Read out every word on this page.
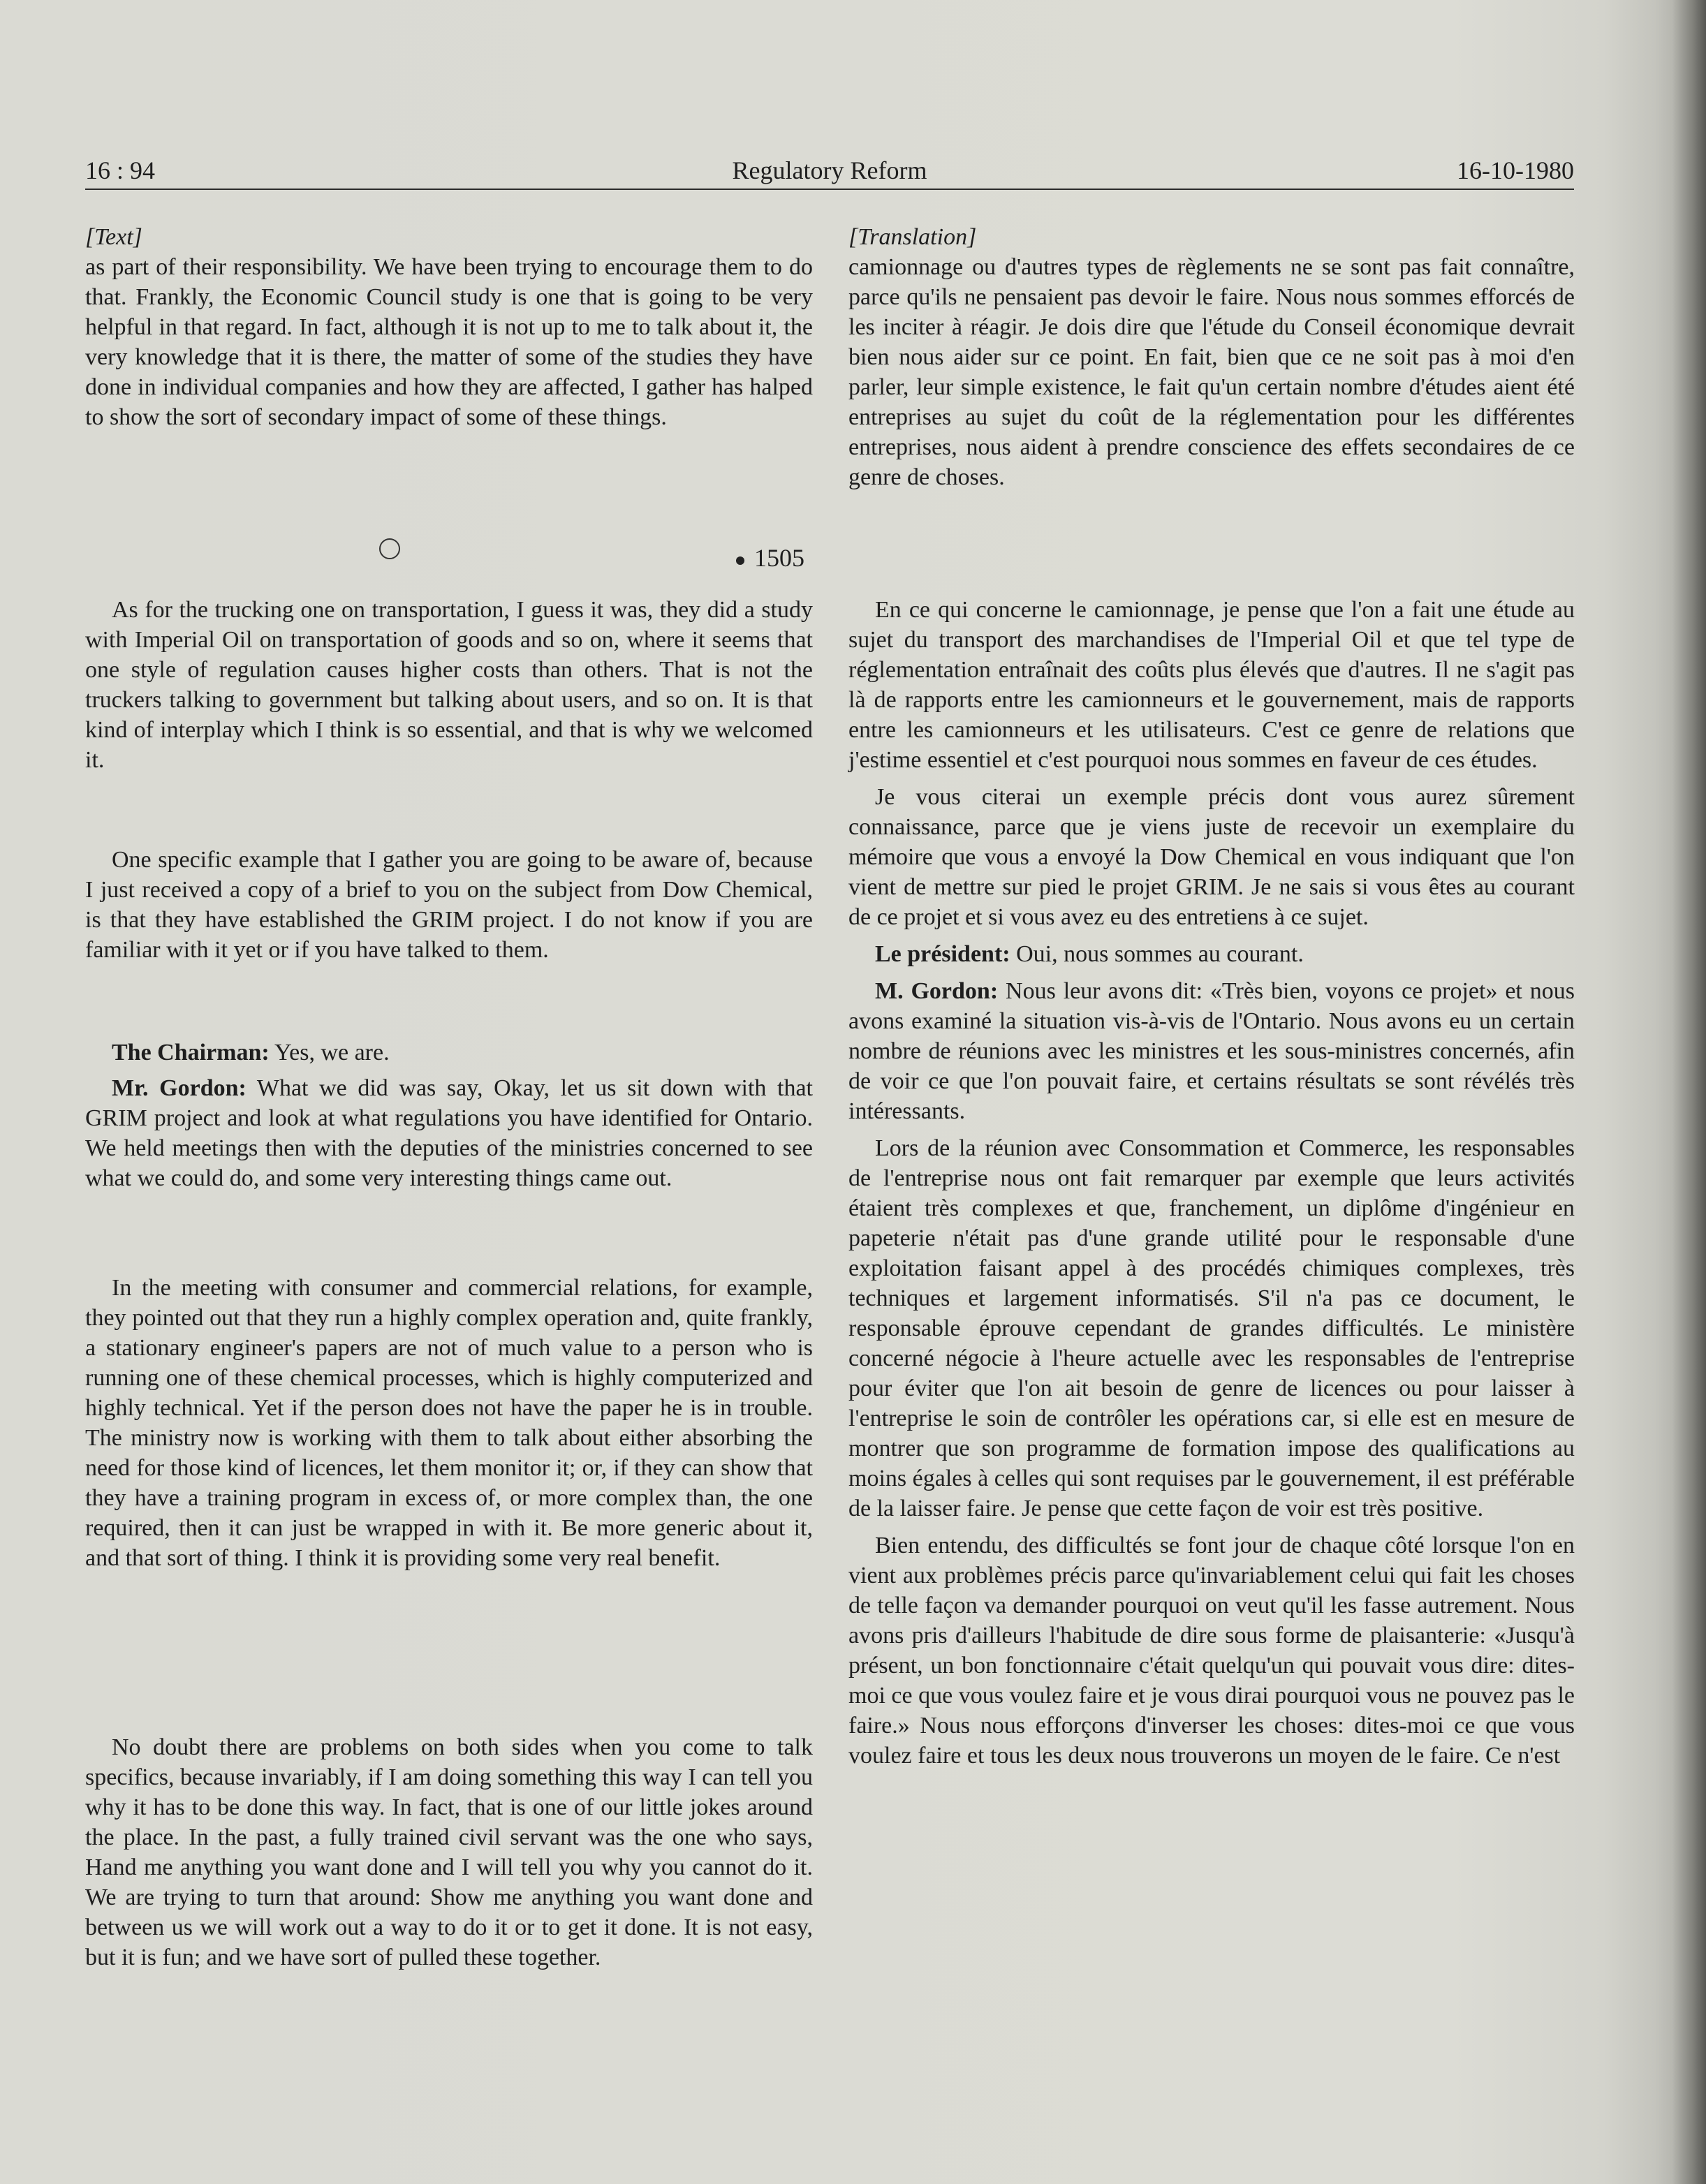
16 : 94	Regulatory Reform	16-10-1980

[Text]

as part of their responsibility. We have been trying to encourage them to do that. Frankly, the Economic Council study is one that is going to be very helpful in that regard. In fact, although it is not up to me to talk about it, the very knowledge that it is there, the matter of some of the studies they have done in individual companies and how they are affected, I gather has halped to show the sort of secondary impact of some of these things.

1505

As for the trucking one on transportation, I guess it was, they did a study with Imperial Oil on transportation of goods and so on, where it seems that one style of regulation causes higher costs than others. That is not the truckers talking to government but talking about users, and so on. It is that kind of interplay which I think is so essential, and that is why we welcomed it.

One specific example that I gather you are going to be aware of, because I just received a copy of a brief to you on the subject from Dow Chemical, is that they have established the GRIM project. I do not know if you are familiar with it yet or if you have talked to them.

The Chairman: Yes, we are.

Mr. Gordon: What we did was say, Okay, let us sit down with that GRIM project and look at what regulations you have identified for Ontario. We held meetings then with the deputies of the ministries concerned to see what we could do, and some very interesting things came out.

In the meeting with consumer and commercial relations, for example, they pointed out that they run a highly complex operation and, quite frankly, a stationary engineer's papers are not of much value to a person who is running one of these chemical processes, which is highly computerized and highly technical. Yet if the person does not have the paper he is in trouble. The ministry now is working with them to talk about either absorbing the need for those kind of licences, let them monitor it; or, if they can show that they have a training program in excess of, or more complex than, the one required, then it can just be wrapped in with it. Be more generic about it, and that sort of thing. I think it is providing some very real benefit.

No doubt there are problems on both sides when you come to talk specifics, because invariably, if I am doing something this way I can tell you why it has to be done this way. In fact, that is one of our little jokes around the place. In the past, a fully trained civil servant was the one who says, Hand me anything you want done and I will tell you why you cannot do it. We are trying to turn that around: Show me anything you want done and between us we will work out a way to do it or to get it done. It is not easy, but it is fun; and we have sort of pulled these together.

[Translation]

camionnage ou d'autres types de règlements ne se sont pas fait connaître, parce qu'ils ne pensaient pas devoir le faire. Nous nous sommes efforcés de les inciter à réagir. Je dois dire que l'étude du Conseil économique devrait bien nous aider sur ce point. En fait, bien que ce ne soit pas à moi d'en parler, leur simple existence, le fait qu'un certain nombre d'études aient été entreprises au sujet du coût de la réglementation pour les différentes entreprises, nous aident à prendre conscience des effets secondaires de ce genre de choses.

En ce qui concerne le camionnage, je pense que l'on a fait une étude au sujet du transport des marchandises de l'Imperial Oil et que tel type de réglementation entraînait des coûts plus élevés que d'autres. Il ne s'agit pas là de rapports entre les camionneurs et le gouvernement, mais de rapports entre les camionneurs et les utilisateurs. C'est ce genre de relations que j'estime essentiel et c'est pourquoi nous sommes en faveur de ces études.

Je vous citerai un exemple précis dont vous aurez sûrement connaissance, parce que je viens juste de recevoir un exemplaire du mémoire que vous a envoyé la Dow Chemical en vous indiquant que l'on vient de mettre sur pied le projet GRIM. Je ne sais si vous êtes au courant de ce projet et si vous avez eu des entretiens à ce sujet.

Le président: Oui, nous sommes au courant.

M. Gordon: Nous leur avons dit: «Très bien, voyons ce projet» et nous avons examiné la situation vis-à-vis de l'Ontario. Nous avons eu un certain nombre de réunions avec les ministres et les sous-ministres concernés, afin de voir ce que l'on pouvait faire, et certains résultats se sont révélés très intéressants.

Lors de la réunion avec Consommation et Commerce, les responsables de l'entreprise nous ont fait remarquer par exemple que leurs activités étaient très complexes et que, franchement, un diplôme d'ingénieur en papeterie n'était pas d'une grande utilité pour le responsable d'une exploitation faisant appel à des procédés chimiques complexes, très techniques et largement informatisés. S'il n'a pas ce document, le responsable éprouve cependant de grandes difficultés. Le ministère concerné négocie à l'heure actuelle avec les responsables de l'entreprise pour éviter que l'on ait besoin de genre de licences ou pour laisser à l'entreprise le soin de contrôler les opérations car, si elle est en mesure de montrer que son programme de formation impose des qualifications au moins égales à celles qui sont requises par le gouvernement, il est préférable de la laisser faire. Je pense que cette façon de voir est très positive.

Bien entendu, des difficultés se font jour de chaque côté lorsque l'on en vient aux problèmes précis parce qu'invariablement celui qui fait les choses de telle façon va demander pourquoi on veut qu'il les fasse autrement. Nous avons pris d'ailleurs l'habitude de dire sous forme de plaisanterie: «Jusqu'à présent, un bon fonctionnaire c'était quelqu'un qui pouvait vous dire: dites-moi ce que vous voulez faire et je vous dirai pourquoi vous ne pouvez pas le faire.» Nous nous efforçons d'inverser les choses: dites-moi ce que vous voulez faire et tous les deux nous trouverons un moyen de le faire. Ce n'est
